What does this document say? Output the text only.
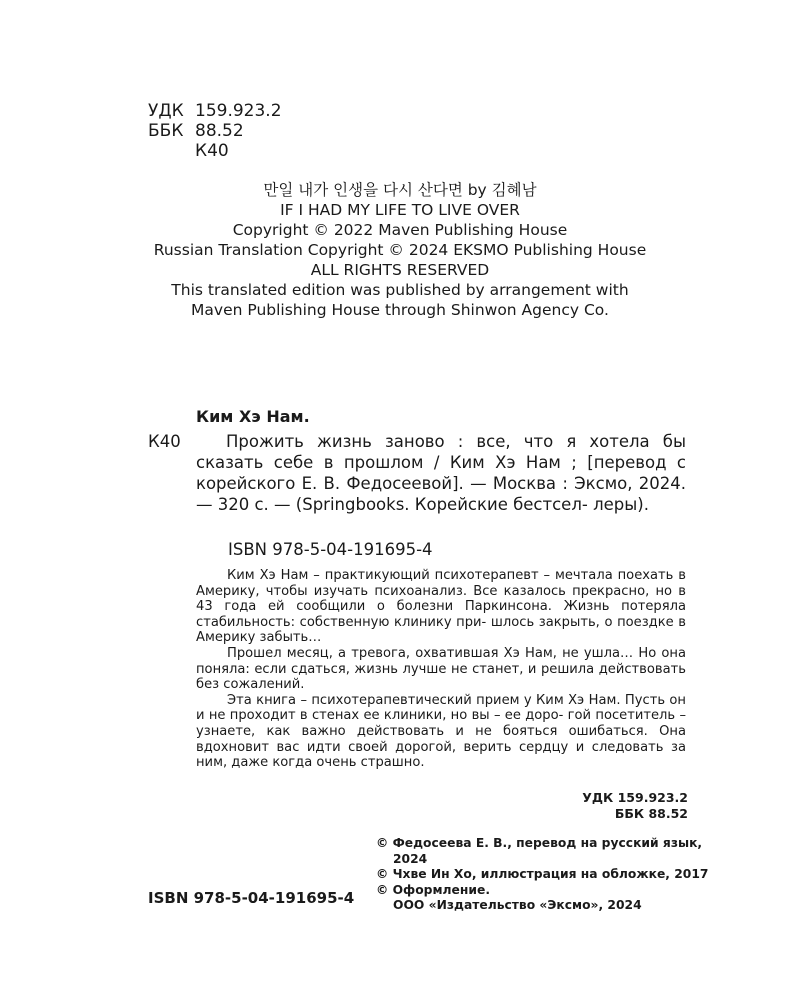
УДК 159.923.2
ББК 88.52
К40
만일 내가 인생을 다시 산다면 by 김혜남
IF I HAD MY LIFE TO LIVE OVER
Copyright © 2022 Maven Publishing House
Russian Translation Copyright © 2024 EKSMO Publishing House
ALL RIGHTS RESERVED
This translated edition was published by arrangement with
Maven Publishing House through Shinwon Agency Co.
Ким Хэ Нам.
К40	Прожить жизнь заново : все, что я хотела бы сказать себе в прошлом / Ким Хэ Нам ; [перевод с корейского Е. В. Федосеевой]. — Москва : Эксмо, 2024. — 320 с. — (Springbooks. Корейские бестсел- леры).
ISBN 978-5-04-191695-4

Ким Хэ Нам – практикующий психотерапевт – мечтала поехать в Америку, чтобы изучать психоанализ. Все казалось прекрасно, но в 43 года ей сообщили о болезни Паркинсона. Жизнь потеряла стабильность: собственную клинику при- шлось закрыть, о поездке в Америку забыть…

Прошел месяц, а тревога, охватившая Хэ Нам, не ушла… Но она поняла: если сдаться, жизнь лучше не станет, и решила действовать без сожалений.

Эта книга – психотерапевтический прием у Ким Хэ Нам. Пусть он и не проходит в стенах ее клиники, но вы – ее доро- гой посетитель – узнаете, как важно действовать и не бояться ошибаться. Она вдохновит вас идти своей дорогой, верить сердцу и следовать за ним, даже когда очень страшно.

УДК 159.923.2
ББК 88.52
© Федосеева Е. В., перевод на русский язык,
2024
© Чхве Ин Хо, иллюстрация на обложке, 2017
© Оформление.
ООО «Издательство «Эксмо», 2024
ISBN 978-5-04-191695-4
